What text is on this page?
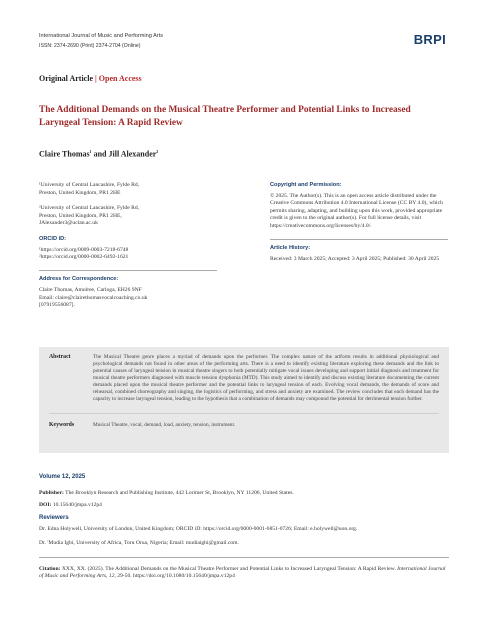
International Journal of Music and Performing Arts
ISSN: 2374-2690 (Print) 2374-2704 (Online)	BRPI
Original Article | Open Access
The Additional Demands on the Musical Theatre Performer and Potential Links to Increased Laryngeal Tension: A Rapid Review
Claire Thomas$^1$ and Jill Alexander$^2$
¹University of Central Lancashire, Fylde Rd,
Preston, United Kingdom, PR1 2HE
²University of Central Lancashire, Fylde Rd,
Preston, United Kingdom, PR1 2HE,
JAlexander3@uclan.ac.uk
ORCID iD:
¹https://orcid.org/0009-0003-7218-6748
²https://orcid.org/0000-0002-6492-1621
Address for Correspondence:
Claire Thomas, Amulree, Carloga, EH26 9NF
Email: claire@clairethomasvocalcoaching.co.uk
[07919556087].
Copyright and Permission:
© 2025. The Author(s). This is an open access article distributed under the Creative Commons Attribution 4.0 International License (CC BY 4.0), which permits sharing, adapting, and building upon this work, provided appropriate credit is given to the original author(s). For full license details, visit https://creativecommons.org/licenses/by/4.0/.
Article History:
Received: 3 March 2025; Accepted: 3 April 2025; Published: 30 April 2025
Abstract	The Musical Theatre genre places a myriad of demands upon the performer. The complex nature of the artform results in additional physiological and psychological demands not found in other areas of the performing arts. There is a need to identify existing literature exploring these demands and the link to potential causes of laryngeal tension in musical theatre singers to both potentially mitigate vocal issues developing and support initial diagnosis and treatment for musical theatre performers diagnosed with muscle tension dysphonia (MTD). This study aimed to identify and discuss existing literature documenting the current demands placed upon the musical theatre performer and the potential links to laryngeal tension of each. Evolving vocal demands, the demands of score and rehearsal, combined choreography and singing, the logistics of performing, and stress and anxiety are examined. The review concludes that each demand has the capacity to increase laryngeal tension, leading to the hypothesis that a combination of demands may compound the potential for detrimental tension further.
Keywords	Musical Theatre, vocal, demand, load, anxiety, tension, instrument.
Volume 12, 2025

Publisher: The Brooklyn Research and Publishing Institute, 442 Lorimer St, Brooklyn, NY 11206, United States.

DOI: 10.15640/jmpa.v12p4

Reviewers
Dr. Edna Holywell, University of London, United Kingdom; ORCID iD: https://orcid.org/0000-0001-6851-0726; Email: e.holywell@uon.org.
Dr. 'Mudia Igbi, University of Africa, Toru Orua, Nigeria; Email: mudiaigbi@gmail.com.
Citation: XXX, XX. (2025). The Additional Demands on the Musical Theatre Performer and Potential Links to Increased Laryngeal Tension: A Rapid Review. International Journal of Music and Performing Arts, 12, 29-50. https://doi.org/10.1080/10.15640/jmpa.v12p4
